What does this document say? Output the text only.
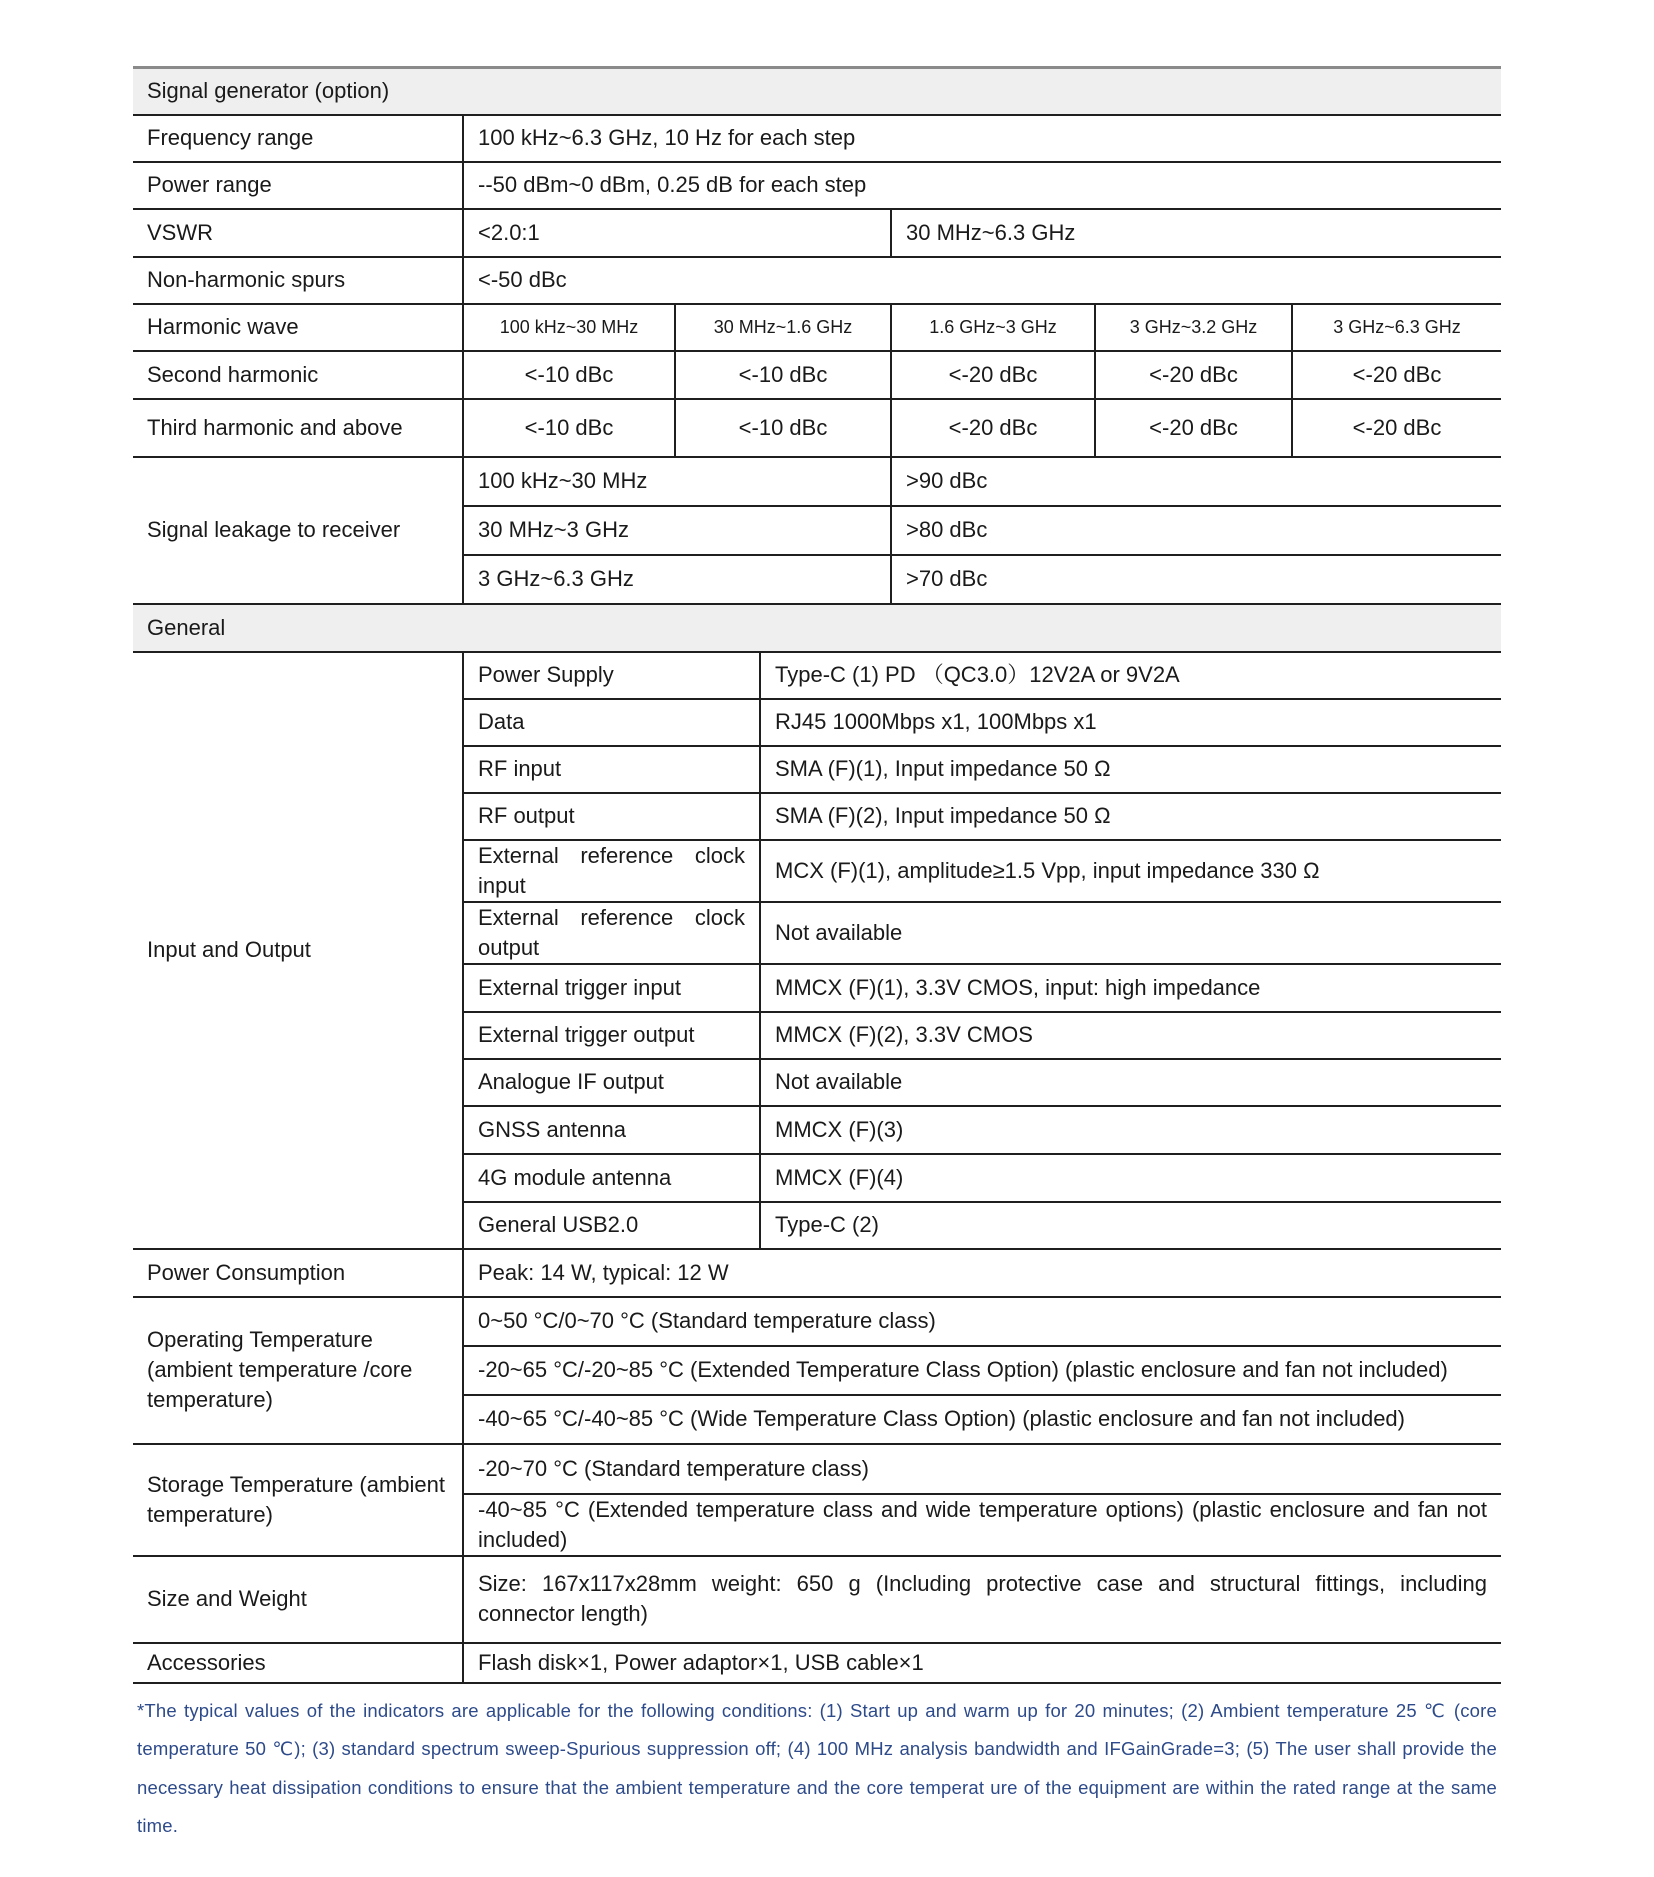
Signal generator (option)						
Frequency range	100 kHz~6.3 GHz, 10 Hz for each step					
Power range	--50 dBm~0 dBm, 0.25 dB for each step					
VSWR	<2.0:1			30 MHz~6.3 GHz		
Non-harmonic spurs	<-50 dBc					
Harmonic wave	100 kHz~30 MHz	30 MHz~1.6 GHz		1.6 GHz~3 GHz	3 GHz~3.2 GHz	3 GHz~6.3 GHz
Second harmonic	<-10 dBc	<-10 dBc		<-20 dBc	<-20 dBc	<-20 dBc
Third harmonic and above	<-10 dBc	<-10 dBc		<-20 dBc	<-20 dBc	<-20 dBc
Signal leakage to receiver	100 kHz~30 MHz			>90 dBc		
	30 MHz~3 GHz			>80 dBc		
	3 GHz~6.3 GHz			>70 dBc		
General						
Input and Output	Power Supply		Type-C (1) PD （QC3.0）12V2A or 9V2A			
	Data		RJ45 1000Mbps x1, 100Mbps x1			
	RF input		SMA (F)(1), Input impedance 50 Ω			
	RF output		SMA (F)(2), Input impedance 50 Ω			
	External reference clock input		MCX (F)(1), amplitude≥1.5 Vpp, input impedance 330 Ω			
	External reference clock output		Not available			
	External trigger input		MMCX (F)(1), 3.3V CMOS, input: high impedance			
	External trigger output		MMCX (F)(2), 3.3V CMOS			
	Analogue IF output		Not available			
	GNSS antenna		MMCX (F)(3)			
	4G module antenna		MMCX (F)(4)			
	General USB2.0		Type-C (2)			
Power Consumption	Peak: 14 W, typical: 12 W					
Operating Temperature (ambient temperature /core temperature)	0~50 °C/0~70 °C (Standard temperature class)					
	-20~65 °C/-20~85 °C (Extended Temperature Class Option) (plastic enclosure and fan not included)					
	-40~65 °C/-40~85 °C (Wide Temperature Class Option) (plastic enclosure and fan not included)					
Storage Temperature (ambient temperature)	-20~70 °C (Standard temperature class)					
	-40~85 °C (Extended temperature class and wide temperature options) (plastic enclosure and fan not included)					
Size and Weight	Size: 167x117x28mm weight: 650 g (Including protective case and structural fittings, including connector length)					
Accessories	Flash disk×1, Power adaptor×1, USB cable×1					

*The typical values of the indicators are applicable for the following conditions: (1) Start up and warm up for 20 minutes; (2) Ambient temperature 25 ℃ (core temperature 50 ℃); (3) standard spectrum sweep-Spurious suppression off; (4) 100 MHz analysis bandwidth and IFGainGrade=3; (5) The user shall provide the necessary heat dissipation conditions to ensure that the ambient temperature and the core temperat ure of the equipment are within the rated range at the same time.
